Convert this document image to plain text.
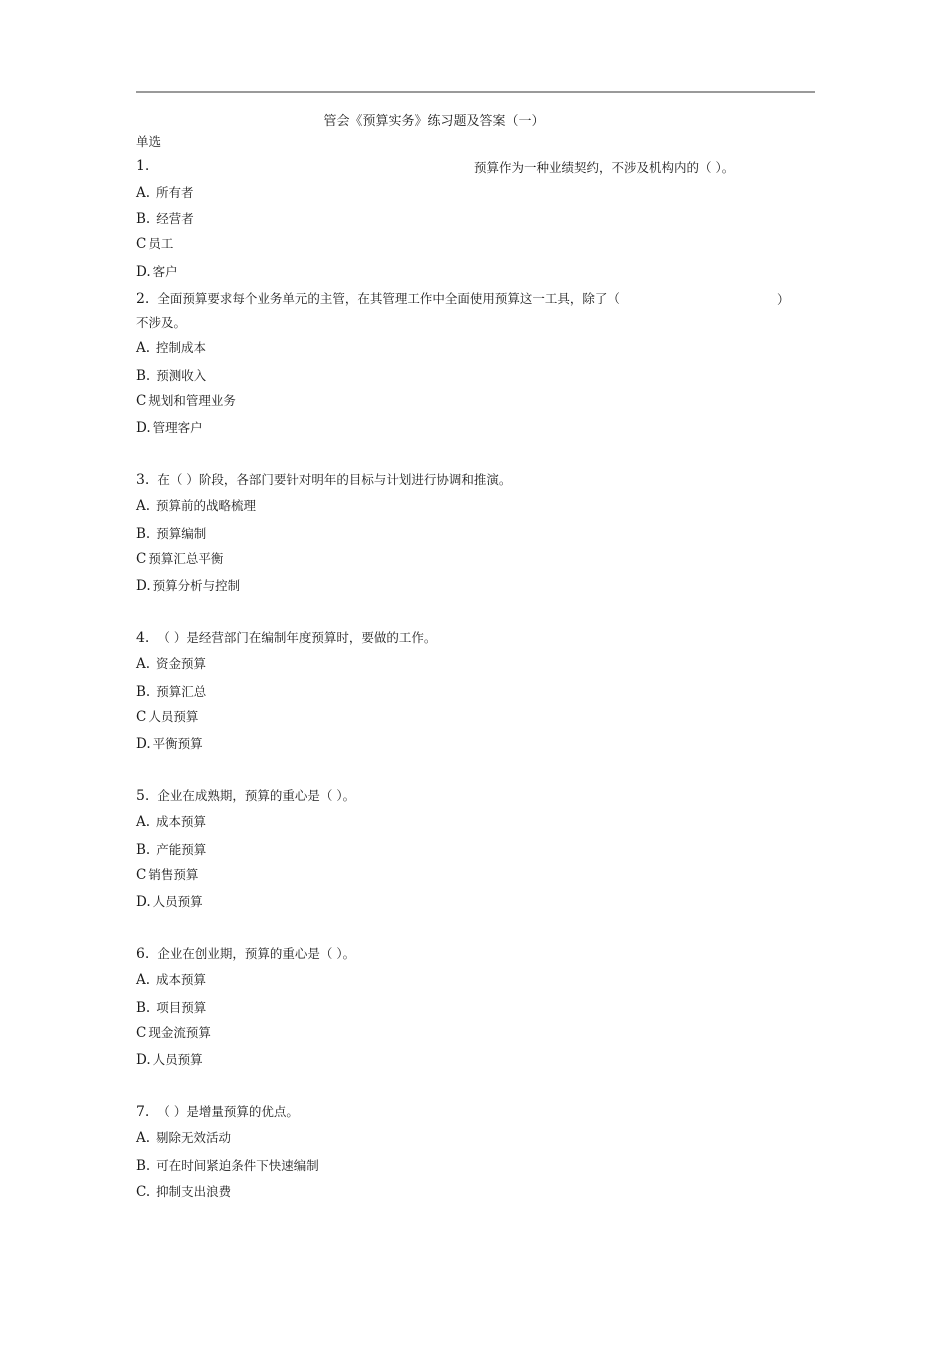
管会《预算实务》练习题及答案（一）
单选
1.	预算作为一种业绩契约，不涉及机构内的（ ）。
A. 所有者
B. 经营者
C 员工
D. 客户
2. 全面预算要求每个业务单元的主管，在其管理工作中全面使用预算这一工具，除了（	）
不涉及。
A. 控制成本
B. 预测收入
C 规划和管理业务
D. 管理客户
3. 在（ ）阶段，各部门要针对明年的目标与计划进行协调和推演。
A. 预算前的战略梳理
B. 预算编制
C 预算汇总平衡
D. 预算分析与控制
4. （ ）是经营部门在编制年度预算时，要做的工作。
A. 资金预算
B. 预算汇总
C 人员预算
D. 平衡预算
5. 企业在成熟期，预算的重心是（ ）。
A. 成本预算
B. 产能预算
C 销售预算
D. 人员预算
6. 企业在创业期，预算的重心是（ ）。
A. 成本预算
B. 项目预算
C 现金流预算
D. 人员预算
7. （ ）是增量预算的优点。
A. 剔除无效活动
B. 可在时间紧迫条件下快速编制
C. 抑制支出浪费
